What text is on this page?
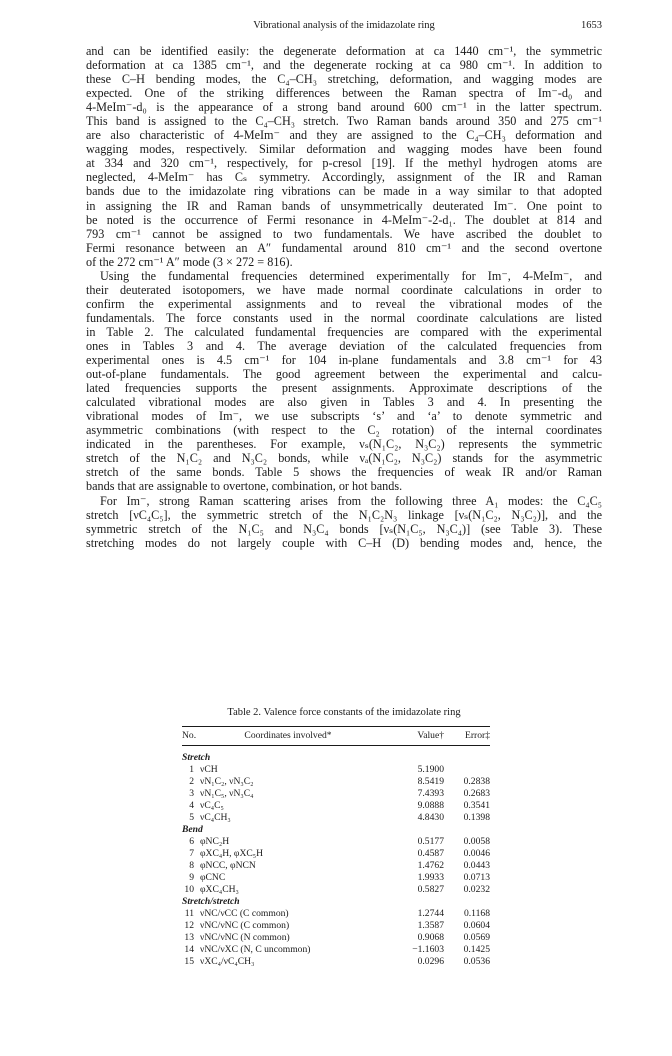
Vibrational analysis of the imidazolate ring	1653
and can be identified easily: the degenerate deformation at ca 1440 cm⁻¹, the symmetric
deformation at ca 1385 cm⁻¹, and the degenerate rocking at ca 980 cm⁻¹. In addition to
these C–H bending modes, the C₄–CH₃ stretching, deformation, and wagging modes are
expected. One of the striking differences between the Raman spectra of Im⁻-d₀ and
4-MeIm⁻-d₀ is the appearance of a strong band around 600 cm⁻¹ in the latter spectrum.
This band is assigned to the C₄–CH₃ stretch. Two Raman bands around 350 and 275 cm⁻¹
are also characteristic of 4-MeIm⁻ and they are assigned to the C₄–CH₃ deformation and
wagging modes, respectively. Similar deformation and wagging modes have been found
at 334 and 320 cm⁻¹, respectively, for p-cresol [19]. If the methyl hydrogen atoms are
neglected, 4-MeIm⁻ has Cₛ symmetry. Accordingly, assignment of the IR and Raman
bands due to the imidazolate ring vibrations can be made in a way similar to that adopted
in assigning the IR and Raman bands of unsymmetrically deuterated Im⁻. One point to
be noted is the occurrence of Fermi resonance in 4-MeIm⁻-2-d₁. The doublet at 814 and
793 cm⁻¹ cannot be assigned to two fundamentals. We have ascribed the doublet to
Fermi resonance between an A″ fundamental around 810 cm⁻¹ and the second overtone
of the 272 cm⁻¹ A″ mode (3 × 272 = 816).
Using the fundamental frequencies determined experimentally for Im⁻, 4-MeIm⁻, and
their deuterated isotopomers, we have made normal coordinate calculations in order to
confirm the experimental assignments and to reveal the vibrational modes of the
fundamentals. The force constants used in the normal coordinate calculations are listed
in Table 2. The calculated fundamental frequencies are compared with the experimental
ones in Tables 3 and 4. The average deviation of the calculated frequencies from
experimental ones is 4.5 cm⁻¹ for 104 in-plane fundamentals and 3.8 cm⁻¹ for 43
out-of-plane fundamentals. The good agreement between the experimental and calcu-
lated frequencies supports the present assignments. Approximate descriptions of the
calculated vibrational modes are also given in Tables 3 and 4. In presenting the
vibrational modes of Im⁻, we use subscripts ‘s’ and ‘a’ to denote symmetric and
asymmetric combinations (with respect to the C₂ rotation) of the internal coordinates
indicated in the parentheses. For example, νₛ(N₁C₂, N₃C₂) represents the symmetric
stretch of the N₁C₂ and N₃C₂ bonds, while νₐ(N₁C₂, N₃C₂) stands for the asymmetric
stretch of the same bonds. Table 5 shows the frequencies of weak IR and/or Raman
bands that are assignable to overtone, combination, or hot bands.
For Im⁻, strong Raman scattering arises from the following three A₁ modes: the C₄C₅
stretch [νC₄C₅], the symmetric stretch of the N₁C₂N₃ linkage [νₛ(N₁C₂, N₃C₂)], and the
symmetric stretch of the N₁C₅ and N₃C₄ bonds [νₛ(N₁C₅, N₃C₄)] (see Table 3). These
stretching modes do not largely couple with C–H (D) bending modes and, hence, the
Table 2. Valence force constants of the imidazolate ring
No.	Coordinates involved*	Value†	Error‡
Stretch
1 νCH	5.1900
2 νN₁C₂, νN₃C₂	8.5419	0.2838
3 νN₁C₅, νN₃C₄	7.4393	0.2683
4 νC₄C₅	9.0888	0.3541
5 νC₄CH₃	4.8430	0.1398
Bend
6 φNC₂H	0.5177	0.0058
7 φXC₄H, φXC₅H	0.4587	0.0046
8 φNCC, φNCN	1.4762	0.0443
9 φCNC	1.9933	0.0713
10 φXC₄CH₃	0.5827	0.0232
Stretch/stretch
11 νNC/νCC (C common)	1.2744	0.1168
12 νNC/νNC (C common)	1.3587	0.0604
13 νNC/νNC (N common)	0.9068	0.0569
14 νNC/νXC (N, C uncommon)	−1.1603	0.1425
15 νXC₄/νC₄CH₃	0.0296	0.0536
